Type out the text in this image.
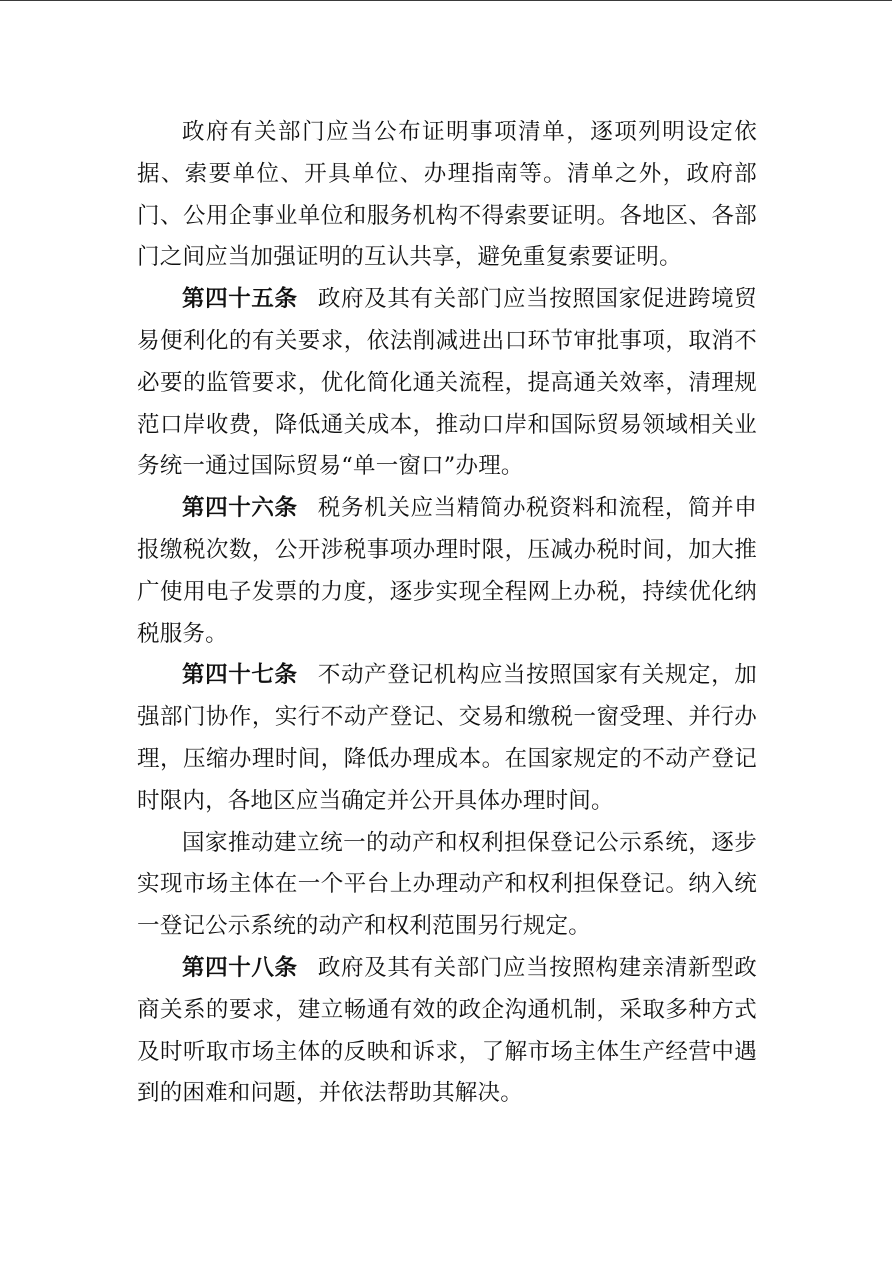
政府有关部门应当公布证明事项清单，逐项列明设定依据、索要单位、开具单位、办理指南等。清单之外，政府部门、公用企事业单位和服务机构不得索要证明。各地区、各部门之间应当加强证明的互认共享，避免重复索要证明。

第四十五条 政府及其有关部门应当按照国家促进跨境贸易便利化的有关要求，依法削减进出口环节审批事项，取消不必要的监管要求，优化简化通关流程，提高通关效率，清理规范口岸收费，降低通关成本，推动口岸和国际贸易领域相关业务统一通过国际贸易“单一窗口”办理。

第四十六条 税务机关应当精简办税资料和流程，简并申报缴税次数，公开涉税事项办理时限，压减办税时间，加大推广使用电子发票的力度，逐步实现全程网上办税，持续优化纳税服务。

第四十七条 不动产登记机构应当按照国家有关规定，加强部门协作，实行不动产登记、交易和缴税一窗受理、并行办理，压缩办理时间，降低办理成本。在国家规定的不动产登记时限内，各地区应当确定并公开具体办理时间。

国家推动建立统一的动产和权利担保登记公示系统，逐步实现市场主体在一个平台上办理动产和权利担保登记。纳入统一登记公示系统的动产和权利范围另行规定。

第四十八条 政府及其有关部门应当按照构建亲清新型政商关系的要求，建立畅通有效的政企沟通机制，采取多种方式及时听取市场主体的反映和诉求，了解市场主体生产经营中遇到的困难和问题，并依法帮助其解决。
